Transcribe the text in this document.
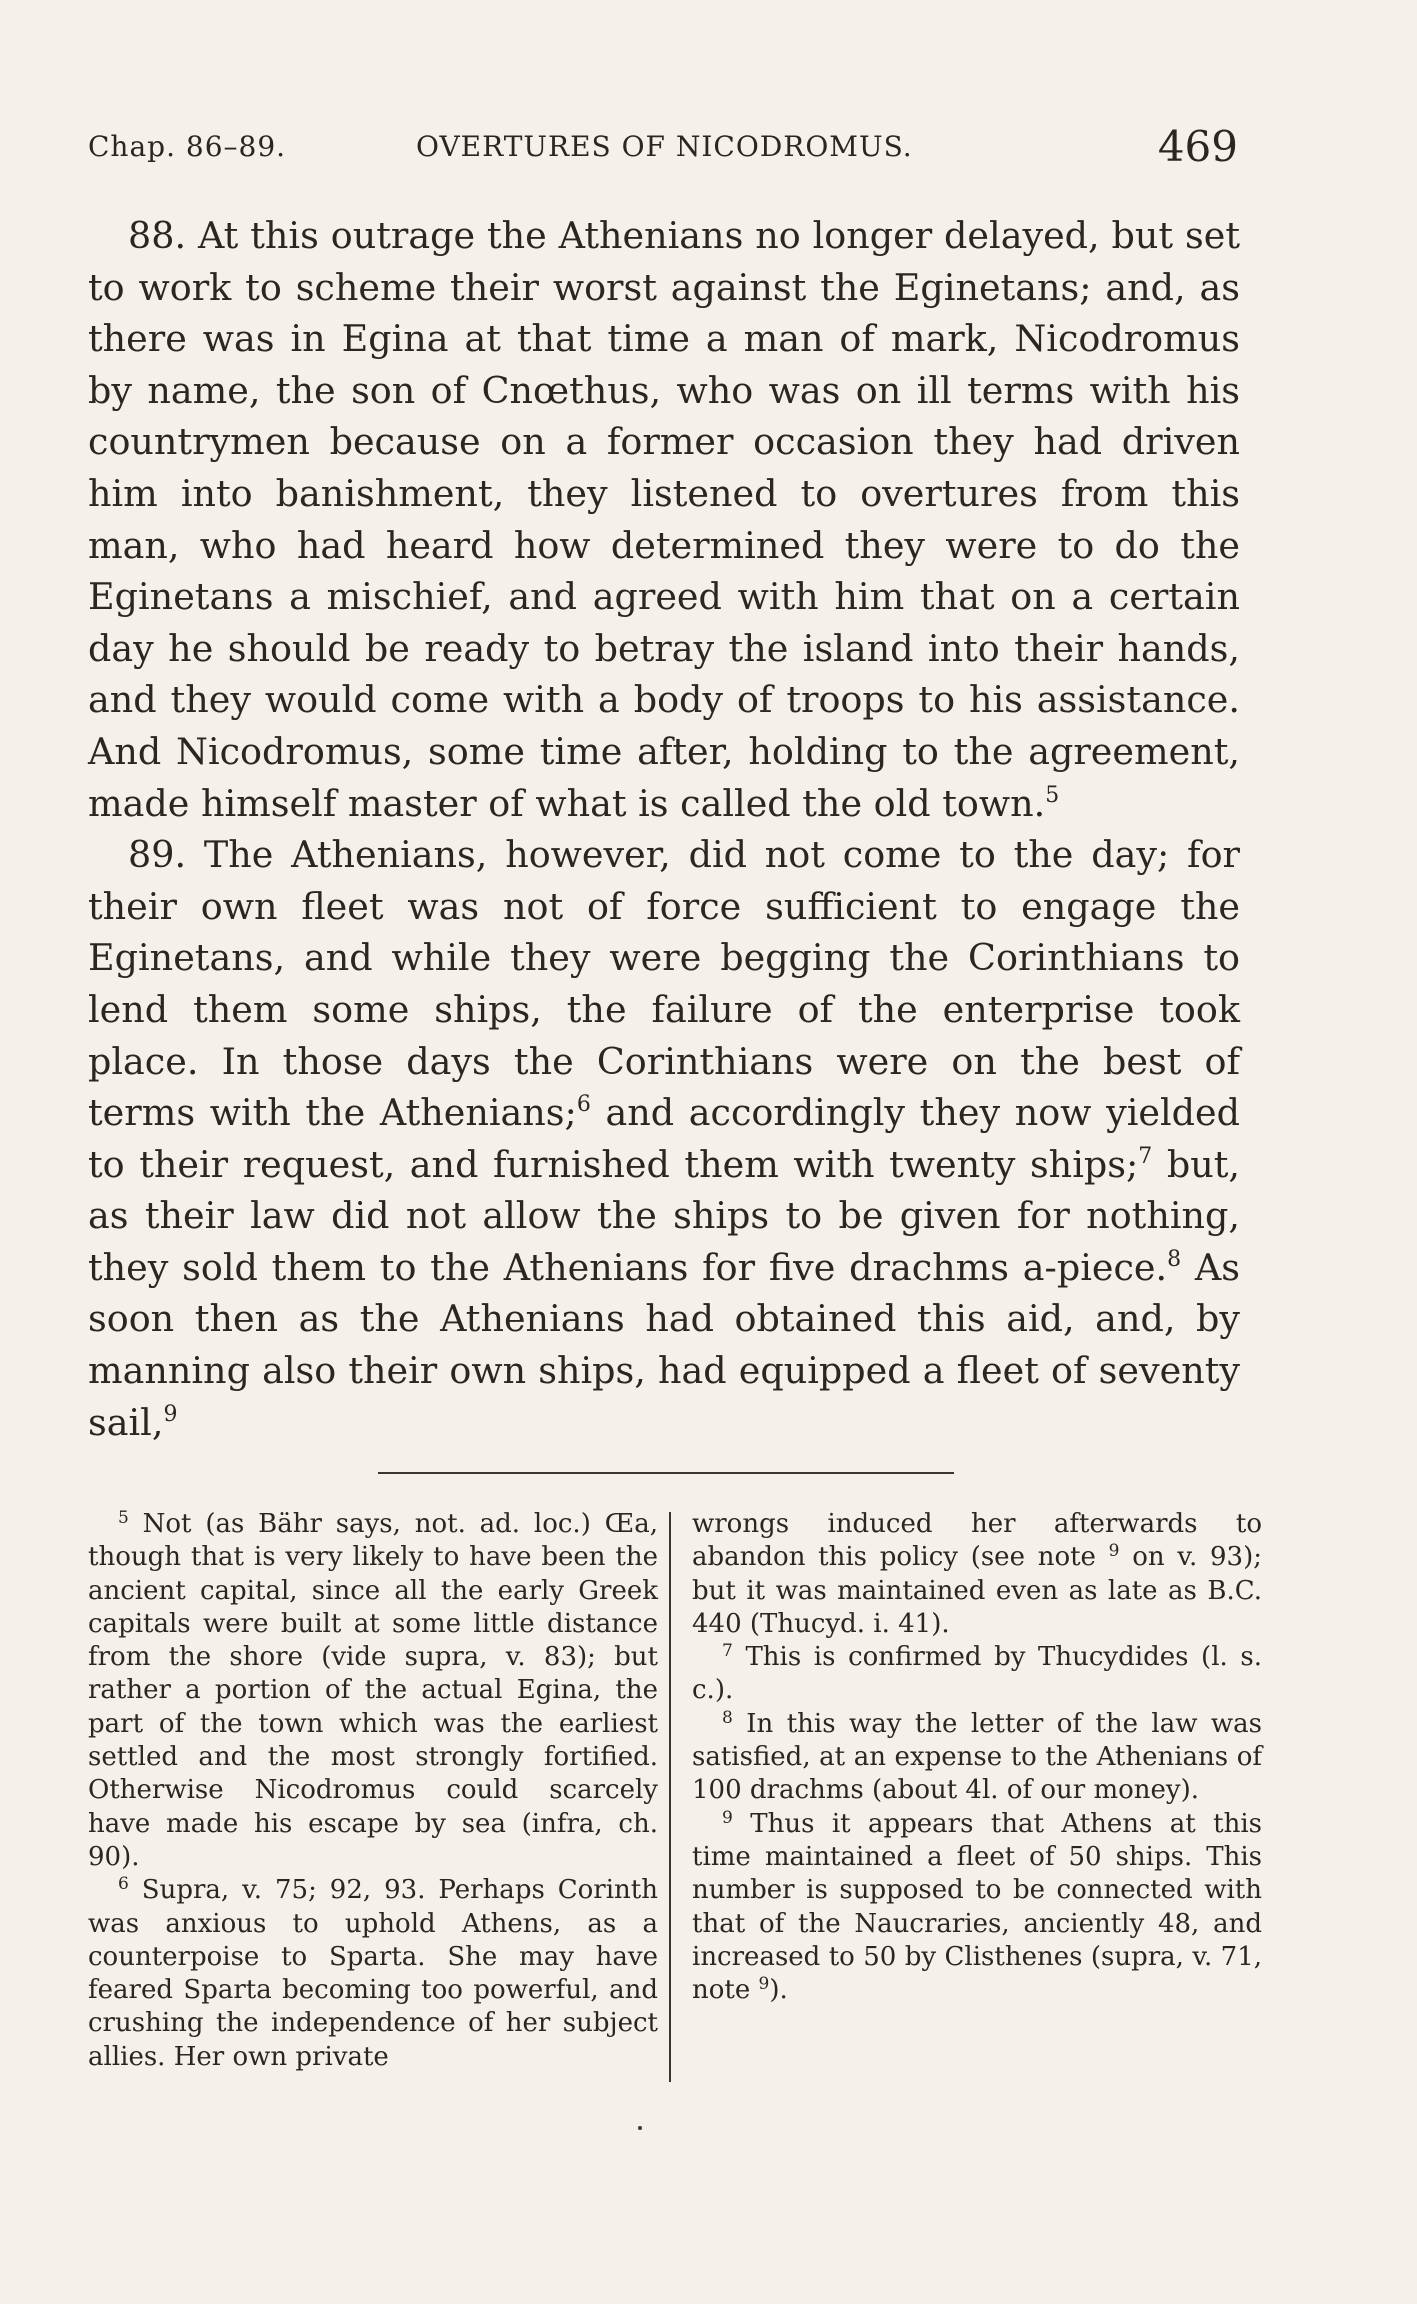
Chap. 86–89.	OVERTURES OF NICODROMUS.	469

88. At this outrage the Athenians no longer delayed, but set to work to scheme their worst against the Eginetans; and, as there was in Egina at that time a man of mark, Nicodromus by name, the son of Cnœthus, who was on ill terms with his countrymen because on a former occasion they had driven him into banishment, they listened to overtures from this man, who had heard how determined they were to do the Eginetans a mischief, and agreed with him that on a certain day he should be ready to betray the island into their hands, and they would come with a body of troops to his assistance. And Nicodromus, some time after, holding to the agreement, made himself master of what is called the old town.$^5$

89. The Athenians, however, did not come to the day; for their own fleet was not of force sufficient to engage the Eginetans, and while they were begging the Corinthians to lend them some ships, the failure of the enterprise took place. In those days the Corinthians were on the best of terms with the Athenians;$^6$ and accordingly they now yielded to their request, and furnished them with twenty ships;$^7$ but, as their law did not allow the ships to be given for nothing, they sold them to the Athenians for five drachms a-piece.$^8$ As soon then as the Athenians had obtained this aid, and, by manning also their own ships, had equipped a fleet of seventy sail,$^9$

$^5$ Not (as Bähr says, not. ad. loc.) Œa, though that is very likely to have been the ancient capital, since all the early Greek capitals were built at some little distance from the shore (vide supra, v. 83); but rather a portion of the actual Egina, the part of the town which was the earliest settled and the most strongly fortified. Otherwise Nicodromus could scarcely have made his escape by sea (infra, ch. 90).

$^6$ Supra, v. 75; 92, 93. Perhaps Corinth was anxious to uphold Athens, as a counterpoise to Sparta. She may have feared Sparta becoming too powerful, and crushing the independence of her subject allies. Her own private

wrongs induced her afterwards to abandon this policy (see note $^9$ on v. 93); but it was maintained even as late as B.C. 440 (Thucyd. i. 41).

$^7$ This is confirmed by Thucydides (l. s. c.).

$^8$ In this way the letter of the law was satisfied, at an expense to the Athenians of 100 drachms (about 4l. of our money).

$^9$ Thus it appears that Athens at this time maintained a fleet of 50 ships. This number is supposed to be connected with that of the Naucraries, anciently 48, and increased to 50 by Clisthenes (supra, v. 71, note $^9$).
